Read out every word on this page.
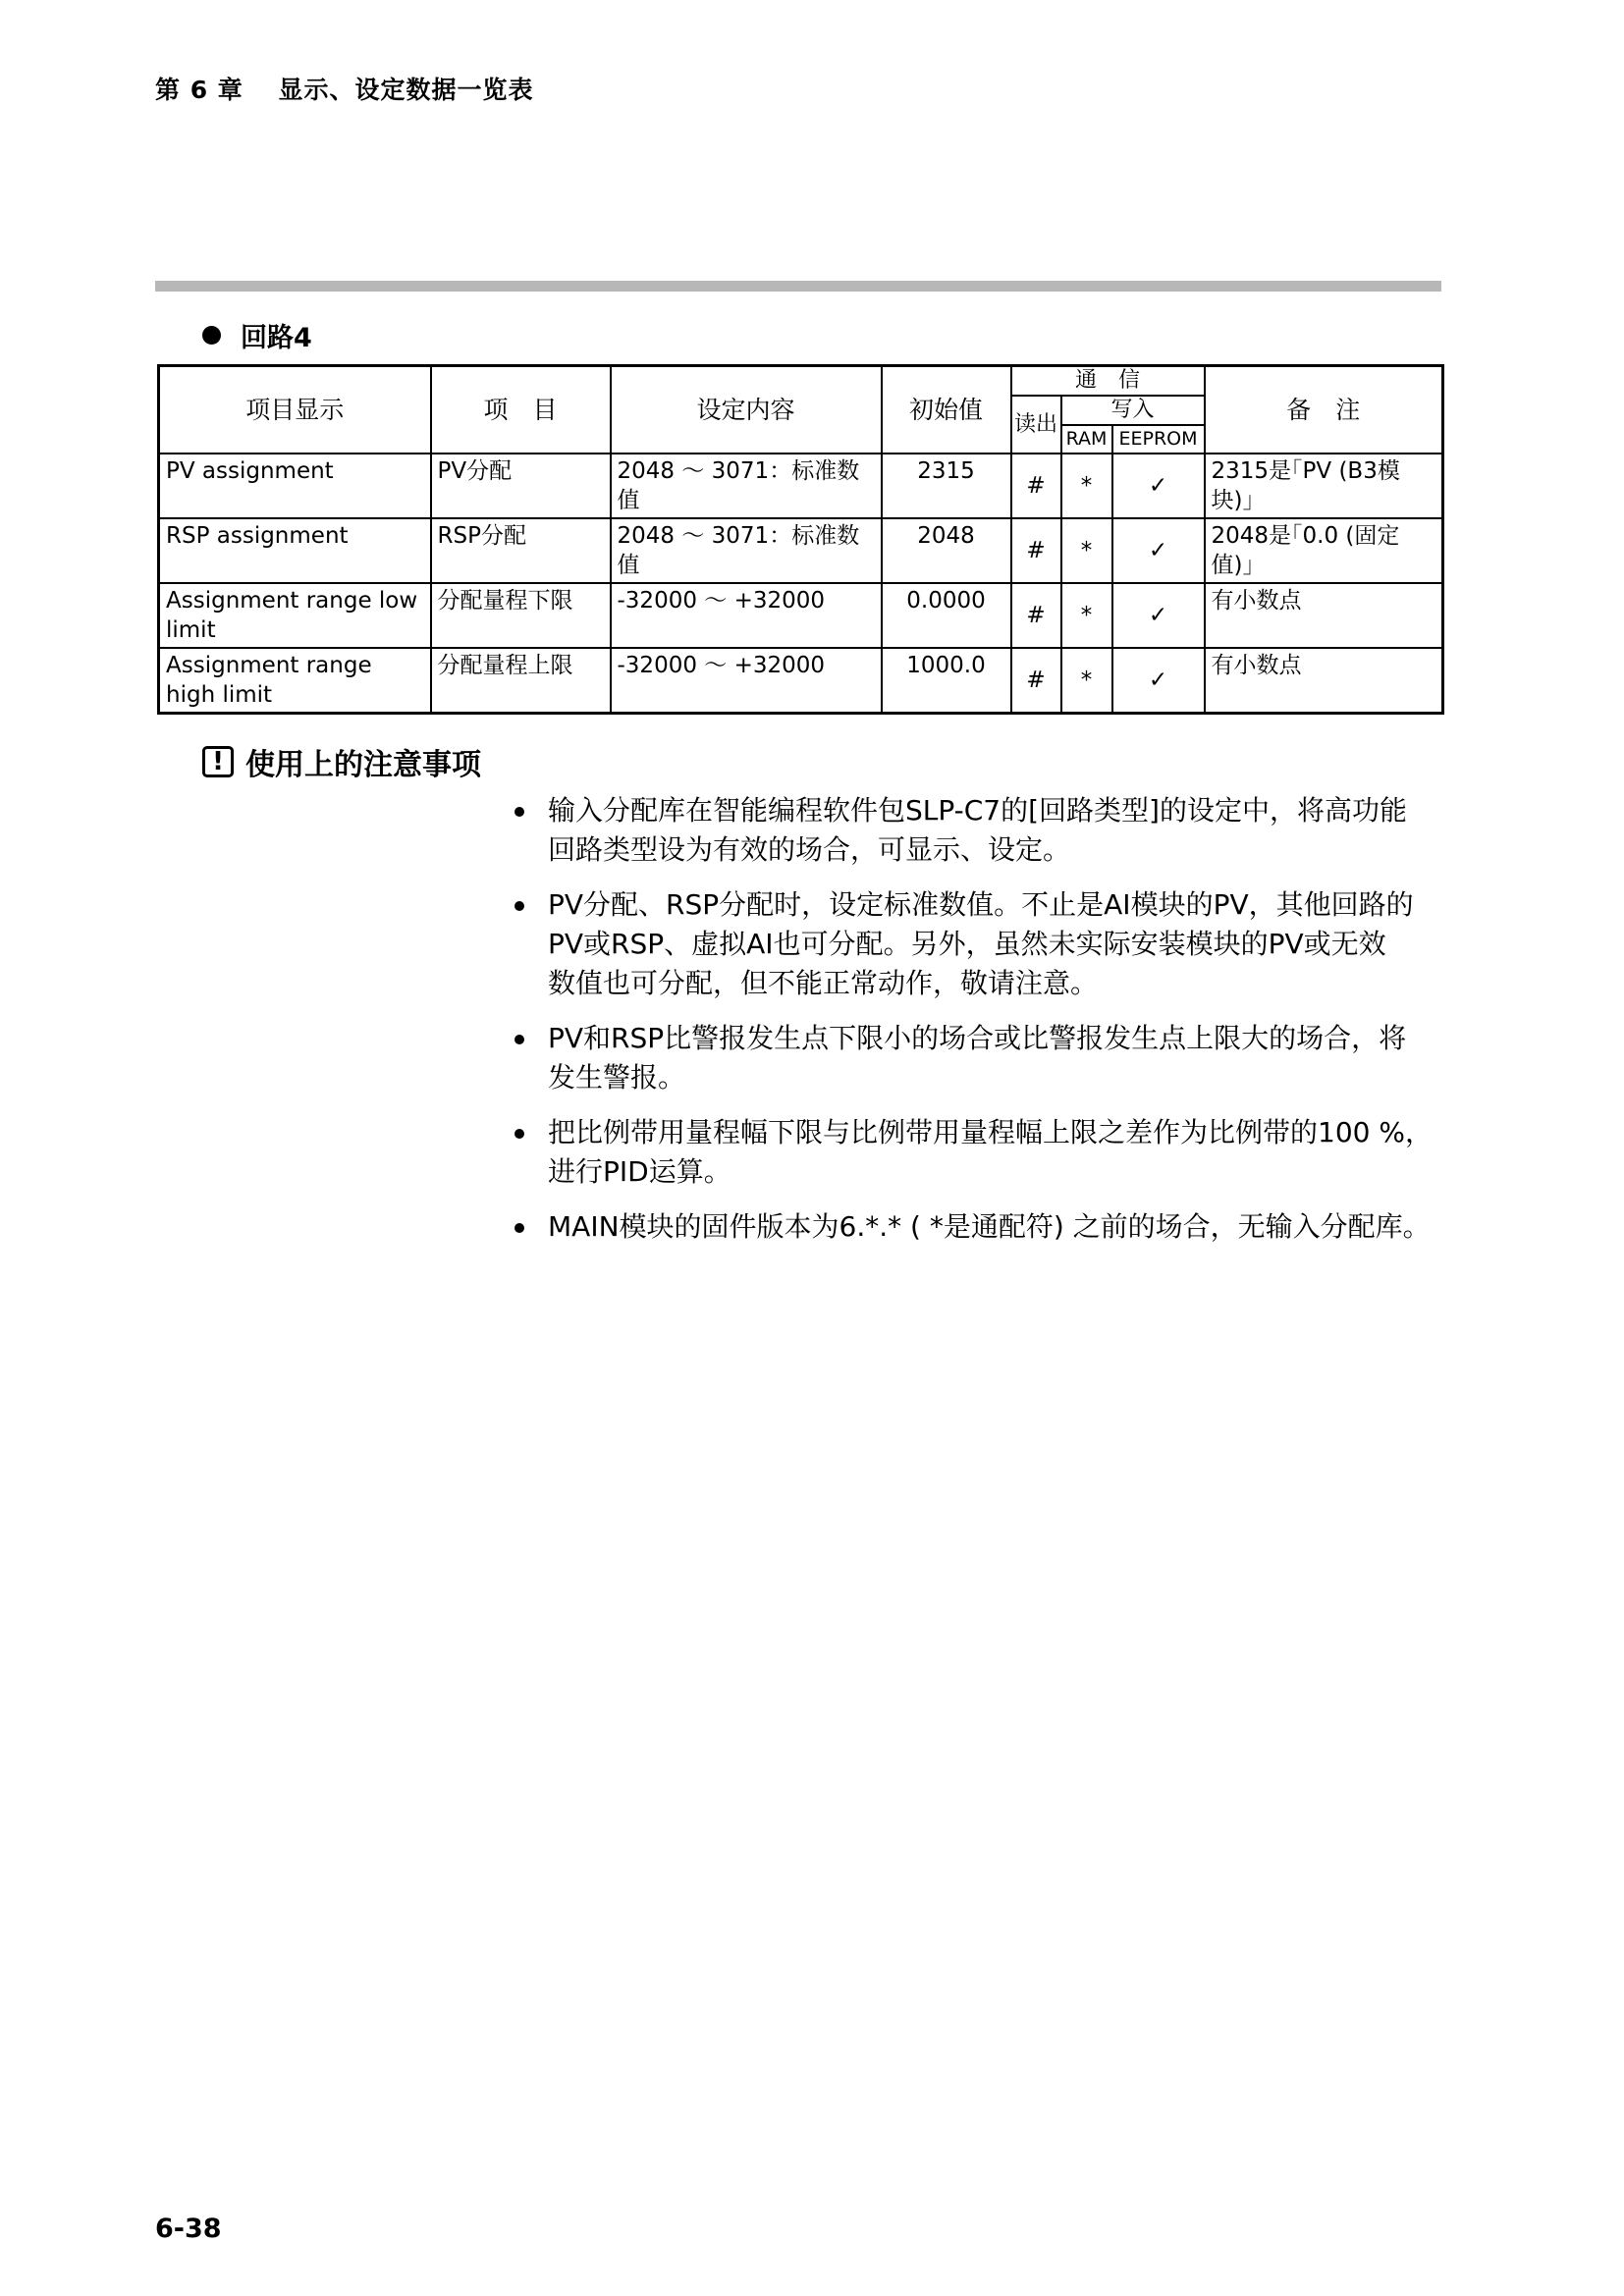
第 6 章　 显示、设定数据一览表
回路4
项目显示	项　目	设定内容	初始值	通　信			备　注
				读出	写入		
					RAM	EEPROM	
PV assignment	PV分配	2048 ～ 3071：标准数值	2315	#	*	✓	2315是｢PV (B3模块)｣
RSP assignment	RSP分配	2048 ～ 3071：标准数值	2048	#	*	✓	2048是｢0.0 (固定值)｣
Assignment range low limit	分配量程下限	-32000 ～ +32000	0.0000	#	*	✓	有小数点
Assignment range high limit	分配量程上限	-32000 ～ +32000	1000.0	#	*	✓	有小数点
! 使用上的注意事项
输入分配库在智能编程软件包SLP-C7的[回路类型]的设定中，将高功能
回路类型设为有效的场合，可显示、设定。
PV分配、RSP分配时，设定标准数值。不止是AI模块的PV，其他回路的
PV或RSP、虚拟AI也可分配。另外，虽然未实际安装模块的PV或无效
数值也可分配，但不能正常动作，敬请注意。
PV和RSP比警报发生点下限小的场合或比警报发生点上限大的场合，将
发生警报。
把比例带用量程幅下限与比例带用量程幅上限之差作为比例带的100 %，
进行PID运算。
MAIN模块的固件版本为6.*.* ( *是通配符) 之前的场合，无输入分配库。
6-38
